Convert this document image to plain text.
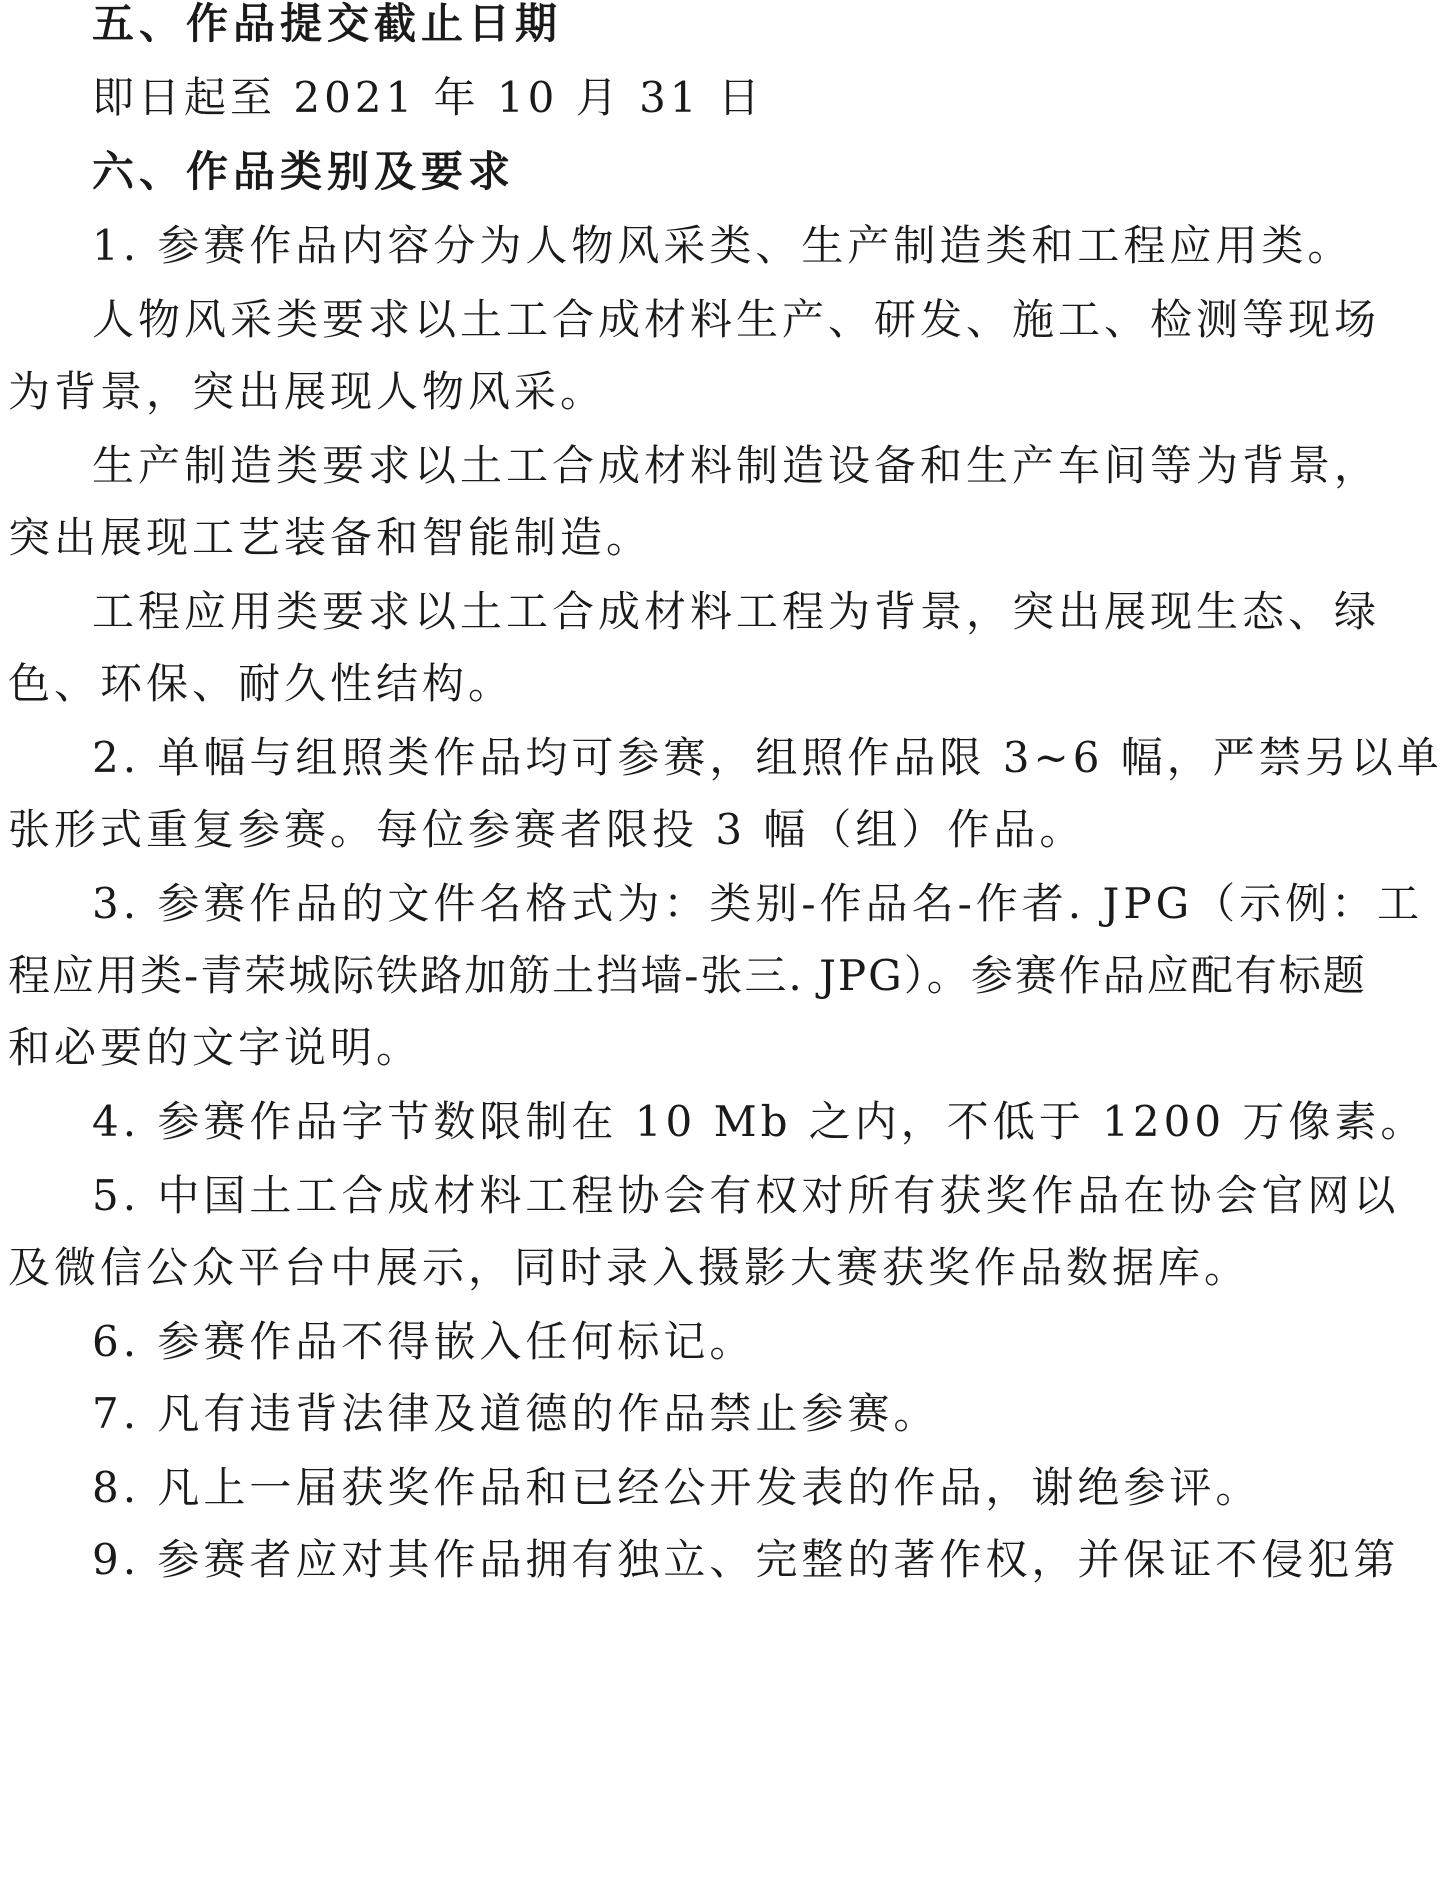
五、作品提交截止日期
即日起至 2021 年 10 月 31 日
六、作品类别及要求
1. 参赛作品内容分为人物风采类、生产制造类和工程应用类。
人物风采类要求以土工合成材料生产、研发、施工、检测等现场
为背景，突出展现人物风采。
生产制造类要求以土工合成材料制造设备和生产车间等为背景，
突出展现工艺装备和智能制造。
工程应用类要求以土工合成材料工程为背景，突出展现生态、绿
色、环保、耐久性结构。
2. 单幅与组照类作品均可参赛，组照作品限 3~6 幅，严禁另以单
张形式重复参赛。每位参赛者限投 3 幅（组）作品。
3. 参赛作品的文件名格式为：类别-作品名-作者. JPG（示例：工
程应用类-青荣城际铁路加筋土挡墙-张三. JPG）。参赛作品应配有标题
和必要的文字说明。
4. 参赛作品字节数限制在 10 Mb 之内，不低于 1200 万像素。
5. 中国土工合成材料工程协会有权对所有获奖作品在协会官网以
及微信公众平台中展示，同时录入摄影大赛获奖作品数据库。
6. 参赛作品不得嵌入任何标记。
7. 凡有违背法律及道德的作品禁止参赛。
8. 凡上一届获奖作品和已经公开发表的作品，谢绝参评。
9. 参赛者应对其作品拥有独立、完整的著作权，并保证不侵犯第
